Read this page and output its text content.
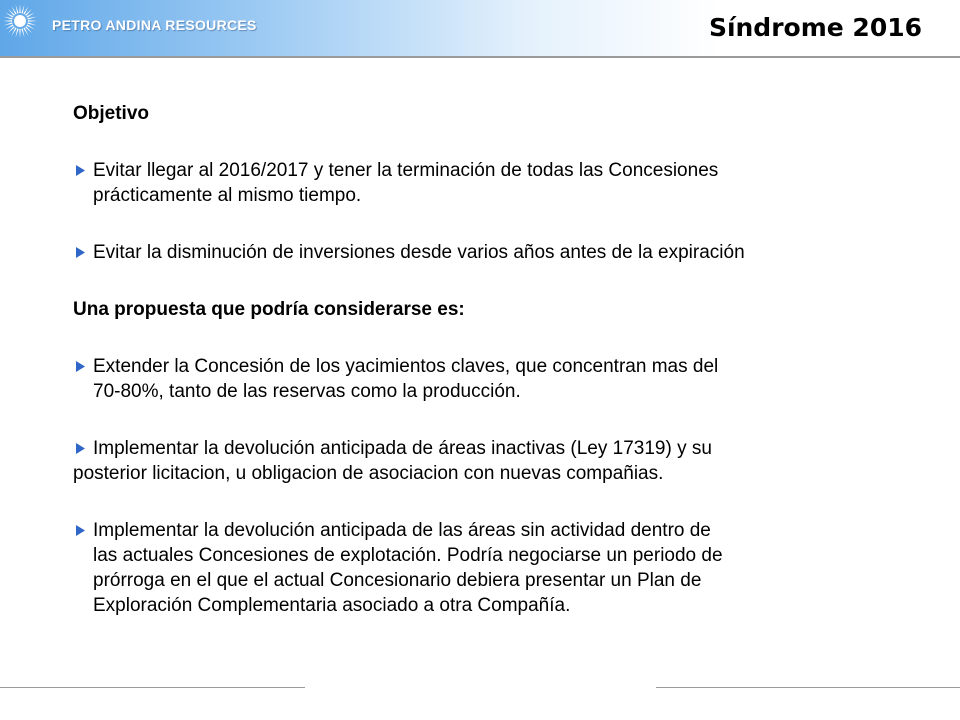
PETRO ANDINA RESOURCES	Síndrome 2016
Objetivo
Evitar llegar al 2016/2017 y tener la terminación de todas las Concesiones
prácticamente al mismo tiempo.
Evitar la disminución de inversiones desde varios años antes de la expiración
Una propuesta que podría considerarse es:
Extender la Concesión de los yacimientos claves, que concentran mas del
70-80%, tanto de las reservas como la producción.
Implementar la devolución anticipada de áreas inactivas (Ley 17319) y su
posterior licitacion, u obligacion de asociacion con nuevas compañias.
Implementar la devolución anticipada de las áreas sin actividad dentro de
las actuales Concesiones de explotación. Podría negociarse un periodo de
prórroga en el que el actual Concesionario debiera presentar un Plan de
Exploración Complementaria asociado a otra Compañía.
